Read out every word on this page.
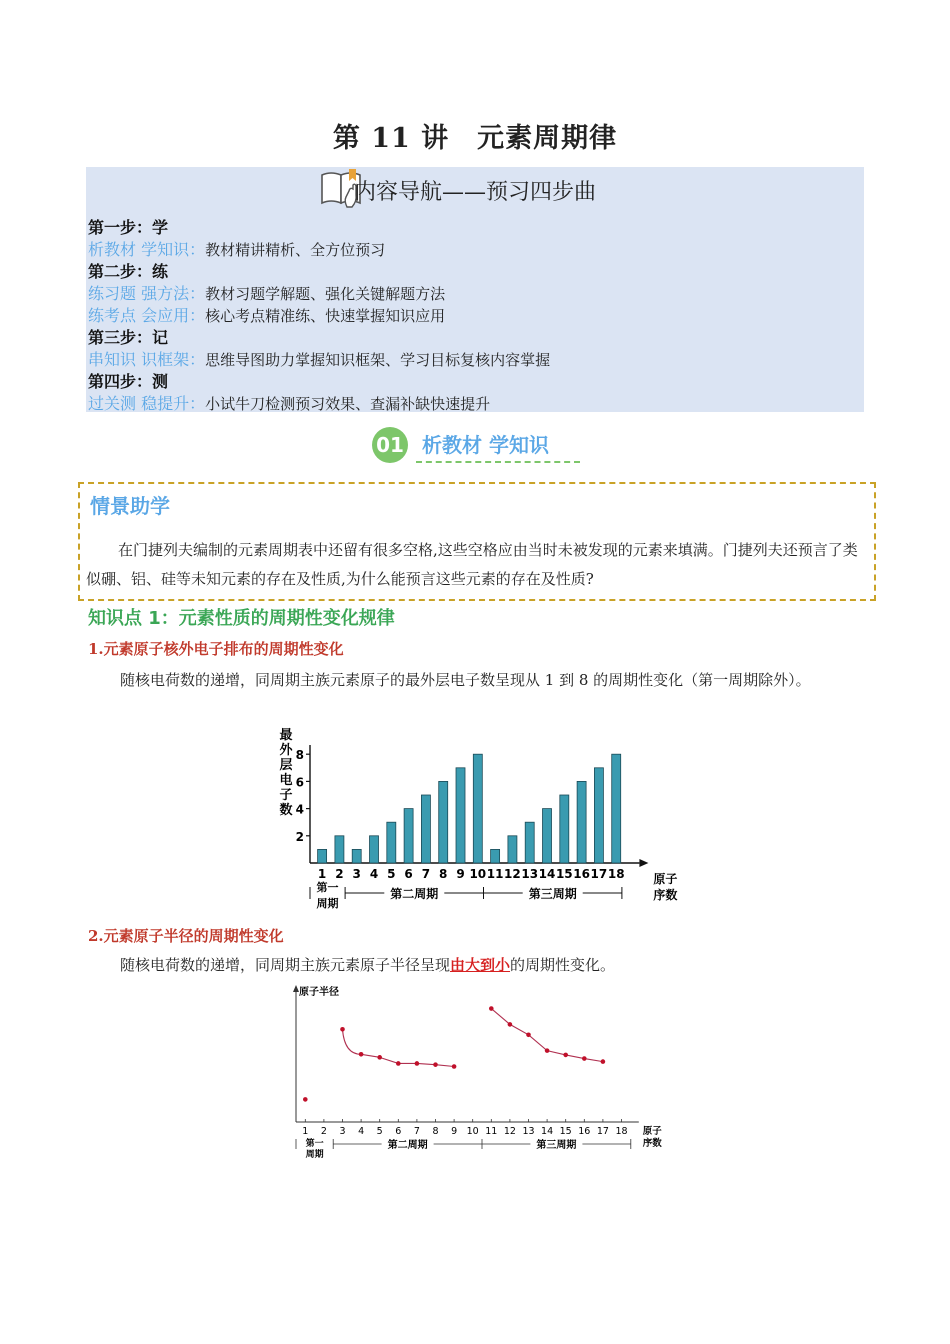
第 11 讲　元素周期律
内容导航——预习四步曲
第一步：学
析教材 学知识：教材精讲精析、全方位预习
第二步：练
练习题 强方法：教材习题学解题、强化关键解题方法
练考点 会应用：核心考点精准练、快速掌握知识应用
第三步：记
串知识 识框架：思维导图助力掌握知识框架、学习目标复核内容掌握
第四步：测
过关测 稳提升：小试牛刀检测预习效果、查漏补缺快速提升
01 析教材 学知识
情景助学
在门捷列夫编制的元素周期表中还留有很多空格,这些空格应由当时未被发现的元素来填满。门捷列夫还预言了类似硼、铝、硅等未知元素的存在及性质,为什么能预言这些元素的存在及性质?
知识点 1：元素性质的周期性变化规律
1.元素原子核外电子排布的周期性变化
随核电荷数的递增，同周期主族元素原子的最外层电子数呈现从 1 到 8 的周期性变化（第一周期除外）。
2
4
6
8
1 2 3 4 5 6 7 8 9 10 11 12 13 14 15 16 17 18 原子
序数
第一
周期
第二周期	第三周期
最
外
层
电
子
数
2.元素原子半径的周期性变化
随核电荷数的递增，同周期主族元素原子半径呈现由大到小的周期性变化。
原子半径
1 2 3 4 5 6 7 8 9 10 11 12 13 14 15 16 17 18 原子
序数
第一
周期
第二周期	第三周期
